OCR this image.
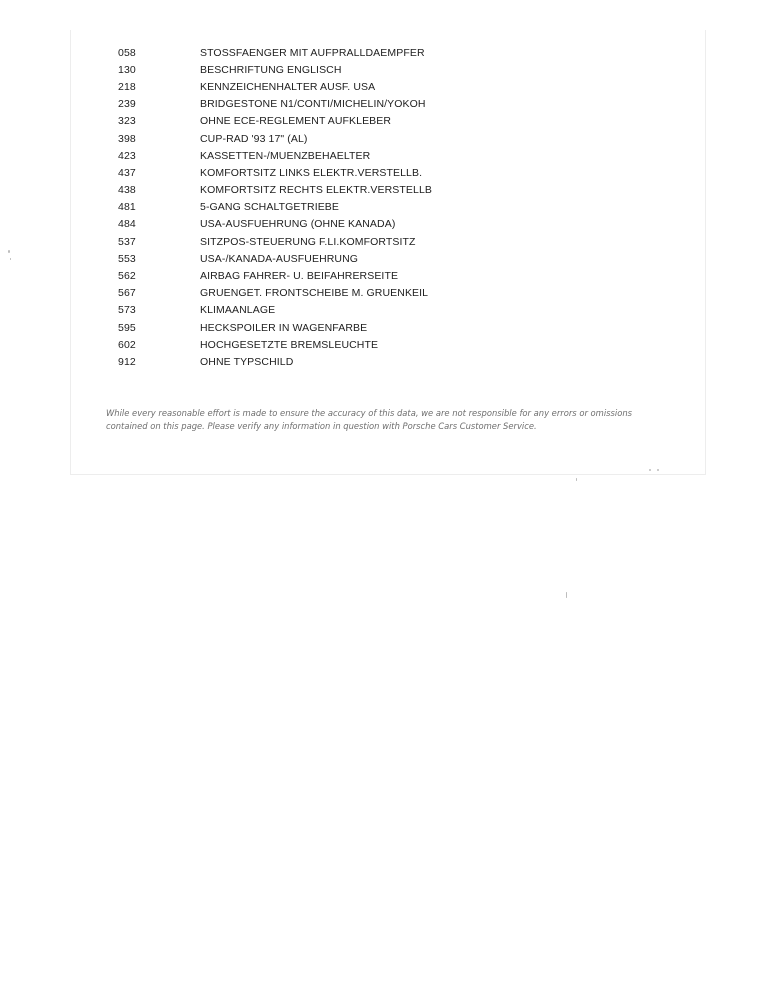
058	STOSSFAENGER MIT AUFPRALLDAEMPFER
130	BESCHRIFTUNG ENGLISCH
218	KENNZEICHENHALTER AUSF. USA
239	BRIDGESTONE N1/CONTI/MICHELIN/YOKOH
323	OHNE ECE-REGLEMENT AUFKLEBER
398	CUP-RAD '93 17" (AL)
423	KASSETTEN-/MUENZBEHAELTER
437	KOMFORTSITZ LINKS ELEKTR.VERSTELLB.
438	KOMFORTSITZ RECHTS ELEKTR.VERSTELLB
481	5-GANG SCHALTGETRIEBE
484	USA-AUSFUEHRUNG (OHNE KANADA)
537	SITZPOS-STEUERUNG F.LI.KOMFORTSITZ
553	USA-/KANADA-AUSFUEHRUNG
562	AIRBAG FAHRER- U. BEIFAHRERSEITE
567	GRUENGET. FRONTSCHEIBE M. GRUENKEIL
573	KLIMAANLAGE
595	HECKSPOILER IN WAGENFARBE
602	HOCHGESETZTE BREMSLEUCHTE
912	OHNE TYPSCHILD

While every reasonable effort is made to ensure the accuracy of this data, we are not responsible for any errors or omissions contained on this page. Please verify any information in question with Porsche Cars Customer Service.
